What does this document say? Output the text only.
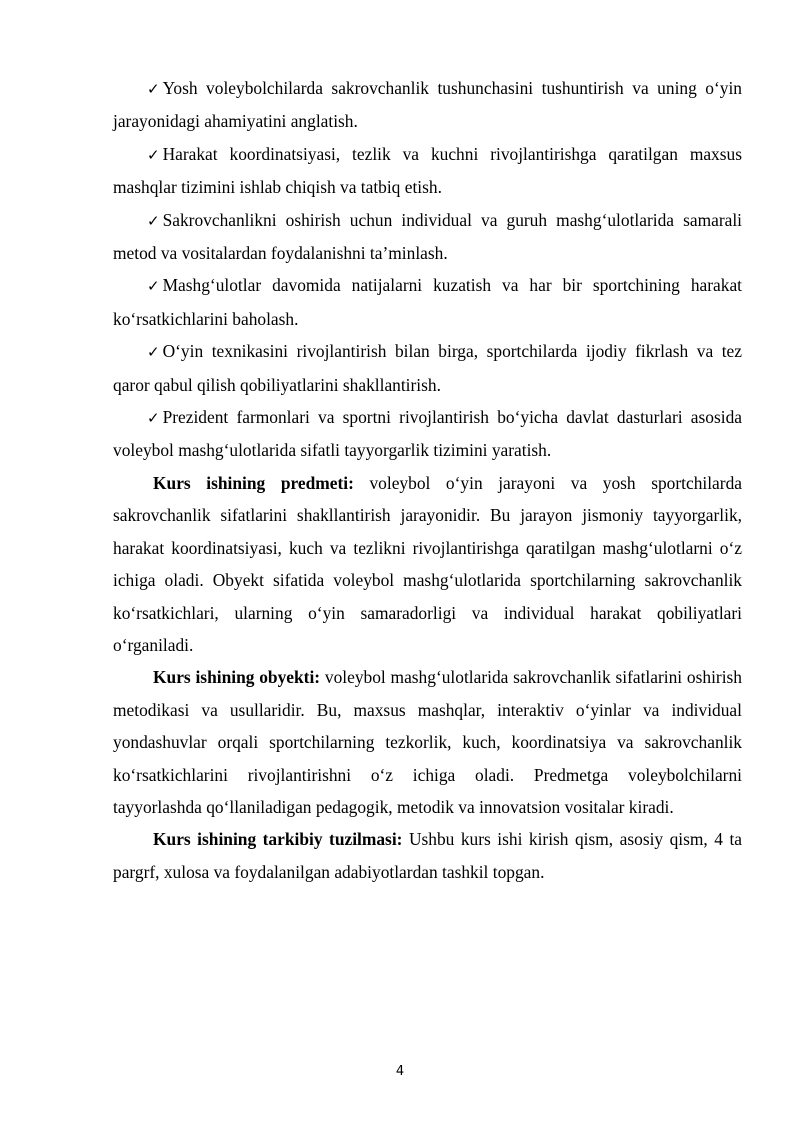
✓ Yosh voleybolchilarda sakrovchanlik tushunchasini tushuntirish va uning o‘yin jarayonidagi ahamiyatini anglatish.

✓ Harakat koordinatsiyasi, tezlik va kuchni rivojlantirishga qaratilgan maxsus mashqlar tizimini ishlab chiqish va tatbiq etish.

✓ Sakrovchanlikni oshirish uchun individual va guruh mashg‘ulotlarida samarali metod va vositalardan foydalanishni ta’minlash.

✓ Mashg‘ulotlar davomida natijalarni kuzatish va har bir sportchining harakat ko‘rsatkichlarini baholash.

✓ O‘yin texnikasini rivojlantirish bilan birga, sportchilarda ijodiy fikrlash va tez qaror qabul qilish qobiliyatlarini shakllantirish.

✓ Prezident farmonlari va sportni rivojlantirish bo‘yicha davlat dasturlari asosida voleybol mashg‘ulotlarida sifatli tayyorgarlik tizimini yaratish.

Kurs ishining predmeti: voleybol o‘yin jarayoni va yosh sportchilarda sakrovchanlik sifatlarini shakllantirish jarayonidir. Bu jarayon jismoniy tayyorgarlik, harakat koordinatsiyasi, kuch va tezlikni rivojlantirishga qaratilgan mashg‘ulotlarni o‘z ichiga oladi. Obyekt sifatida voleybol mashg‘ulotlarida sportchilarning sakrovchanlik ko‘rsatkichlari, ularning o‘yin samaradorligi va individual harakat qobiliyatlari o‘rganiladi.

Kurs ishining obyekti: voleybol mashg‘ulotlarida sakrovchanlik sifatlarini oshirish metodikasi va usullaridir. Bu, maxsus mashqlar, interaktiv o‘yinlar va individual yondashuvlar orqali sportchilarning tezkorlik, kuch, koordinatsiya va sakrovchanlik ko‘rsatkichlarini rivojlantirishni o‘z ichiga oladi. Predmetga voleybolchilarni tayyorlashda qo‘llaniladigan pedagogik, metodik va innovatsion vositalar kiradi.

Kurs ishining tarkibiy tuzilmasi: Ushbu kurs ishi kirish qism, asosiy qism, 4 ta pargrf, xulosa va foydalanilgan adabiyotlardan tashkil topgan.

4
